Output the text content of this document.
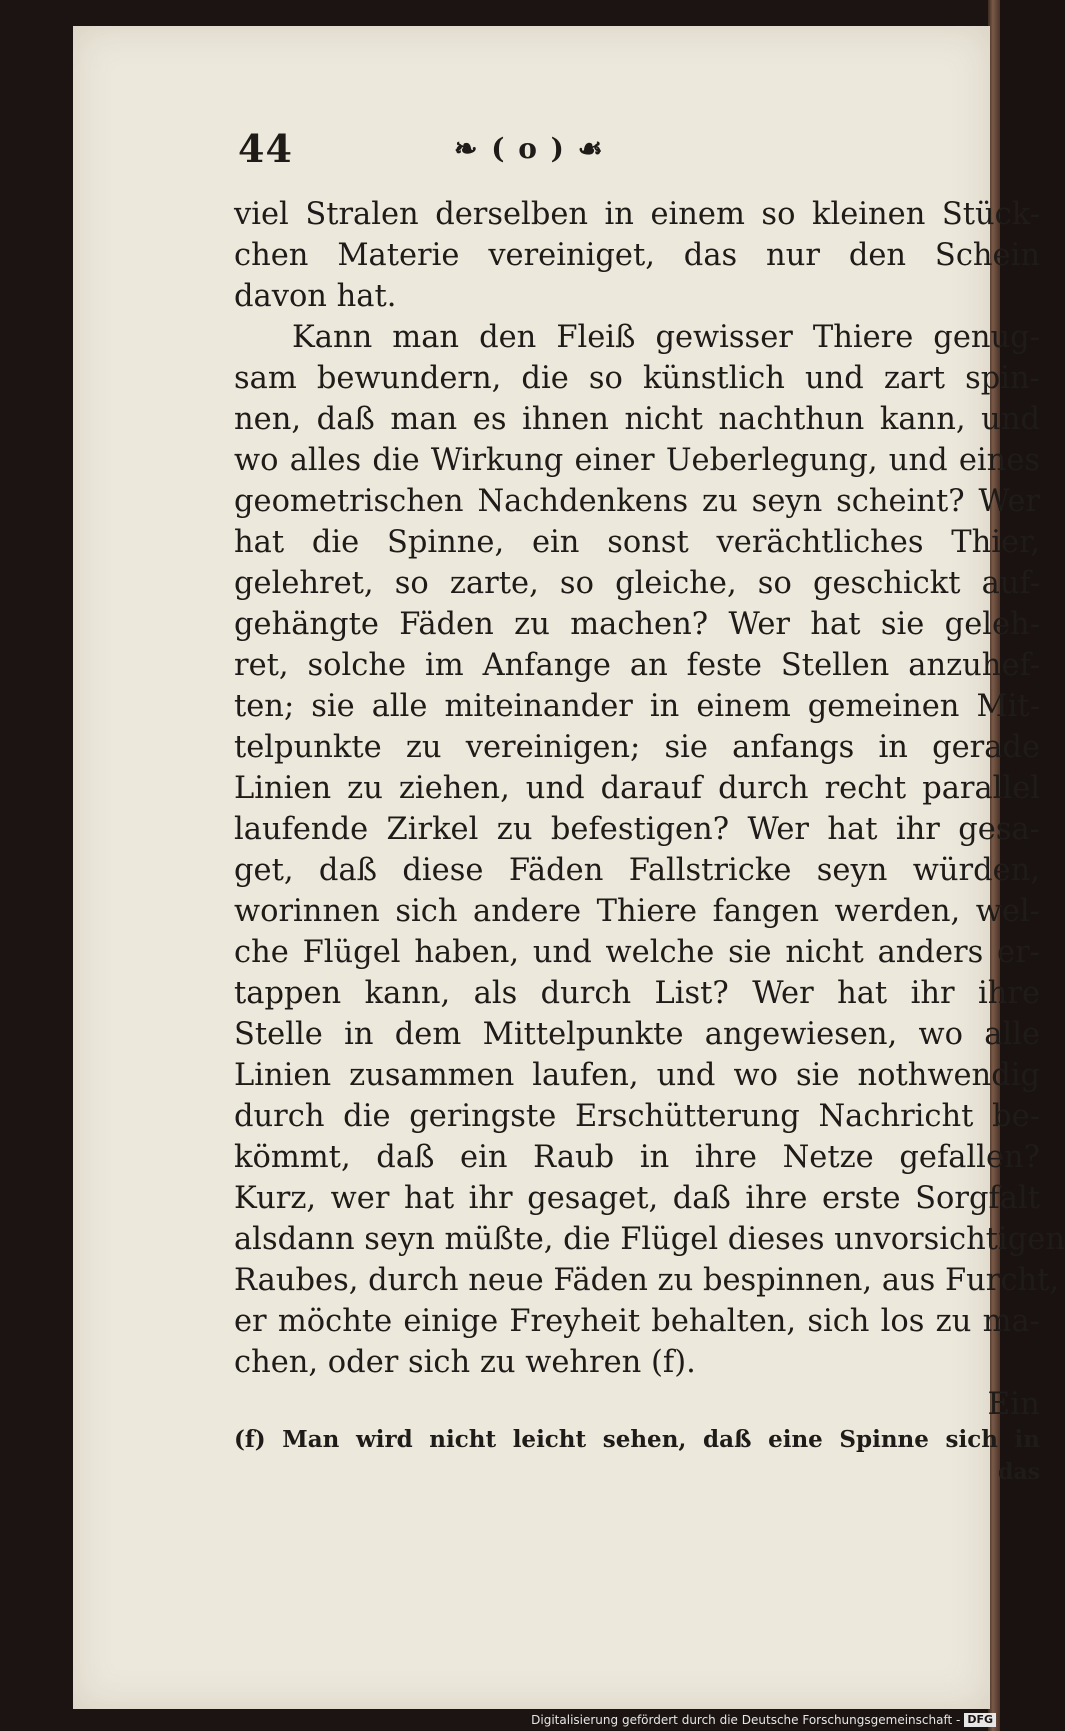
44	❧ ( o ) ☙
viel Stralen derselben in einem so kleinen Stück-
chen Materie vereiniget, das nur den Schein
davon hat.
Kann man den Fleiß gewisser Thiere genug-
sam bewundern, die so künstlich und zart spin-
nen, daß man es ihnen nicht nachthun kann, und
wo alles die Wirkung einer Ueberlegung, und eines
geometrischen Nachdenkens zu seyn scheint? Wer
hat die Spinne, ein sonst verächtliches Thier,
gelehret, so zarte, so gleiche, so geschickt auf-
gehängte Fäden zu machen? Wer hat sie geleh-
ret, solche im Anfange an feste Stellen anzuhef-
ten; sie alle miteinander in einem gemeinen Mit-
telpunkte zu vereinigen; sie anfangs in gerade
Linien zu ziehen, und darauf durch recht parallel
laufende Zirkel zu befestigen? Wer hat ihr gesa-
get, daß diese Fäden Fallstricke seyn würden,
worinnen sich andere Thiere fangen werden, wel-
che Flügel haben, und welche sie nicht anders er-
tappen kann, als durch List? Wer hat ihr ihre
Stelle in dem Mittelpunkte angewiesen, wo alle
Linien zusammen laufen, und wo sie nothwendig
durch die geringste Erschütterung Nachricht be-
kömmt, daß ein Raub in ihre Netze gefallen?
Kurz, wer hat ihr gesaget, daß ihre erste Sorgfalt
alsdann seyn müßte, die Flügel dieses unvorsichtigen
Raubes, durch neue Fäden zu bespinnen, aus Furcht,
er möchte einige Freyheit behalten, sich los zu ma-
chen, oder sich zu wehren (f).
Ein
(f) Man wird nicht leicht sehen, daß eine Spinne sich in
das
Digitalisierung gefördert durch die Deutsche Forschungsgemeinschaft - DFG
